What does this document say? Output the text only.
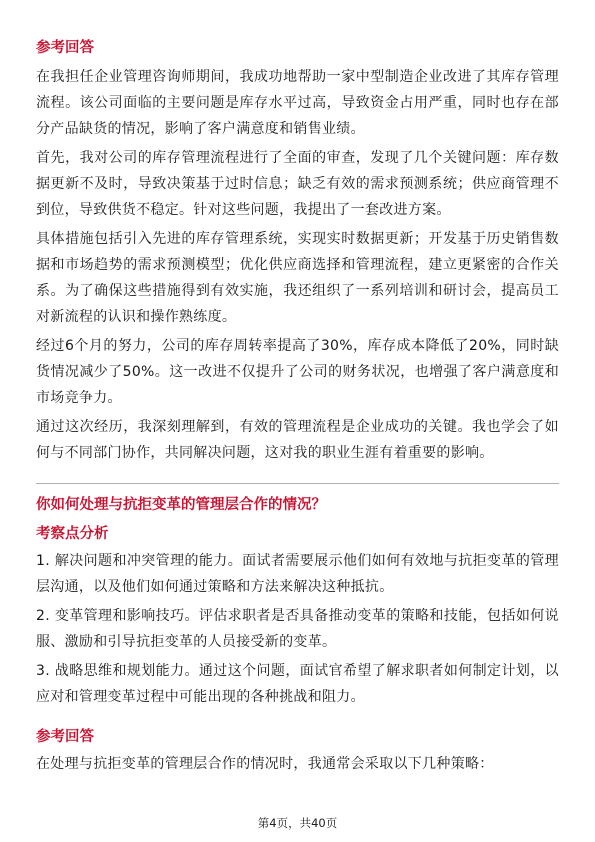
参考回答

在我担任企业管理咨询师期间，我成功地帮助一家中型制造企业改进了其库存管理流程。该公司面临的主要问题是库存水平过高，导致资金占用严重，同时也存在部分产品缺货的情况，影响了客户满意度和销售业绩。

首先，我对公司的库存管理流程进行了全面的审查，发现了几个关键问题：库存数据更新不及时，导致决策基于过时信息；缺乏有效的需求预测系统；供应商管理不到位，导致供货不稳定。针对这些问题，我提出了一套改进方案。

具体措施包括引入先进的库存管理系统，实现实时数据更新；开发基于历史销售数据和市场趋势的需求预测模型；优化供应商选择和管理流程，建立更紧密的合作关系。为了确保这些措施得到有效实施，我还组织了一系列培训和研讨会，提高员工对新流程的认识和操作熟练度。

经过6个月的努力，公司的库存周转率提高了30%，库存成本降低了20%，同时缺货情况减少了50%。这一改进不仅提升了公司的财务状况，也增强了客户满意度和市场竞争力。

通过这次经历，我深刻理解到，有效的管理流程是企业成功的关键。我也学会了如何与不同部门协作，共同解决问题，这对我的职业生涯有着重要的影响。

你如何处理与抗拒变革的管理层合作的情况？
考察点分析

1. 解决问题和冲突管理的能力。面试者需要展示他们如何有效地与抗拒变革的管理层沟通，以及他们如何通过策略和方法来解决这种抵抗。

2. 变革管理和影响技巧。评估求职者是否具备推动变革的策略和技能，包括如何说服、激励和引导抗拒变革的人员接受新的变革。

3. 战略思维和规划能力。通过这个问题，面试官希望了解求职者如何制定计划，以应对和管理变革过程中可能出现的各种挑战和阻力。

参考回答

在处理与抗拒变革的管理层合作的情况时，我通常会采取以下几种策略：

第4页，共40页
